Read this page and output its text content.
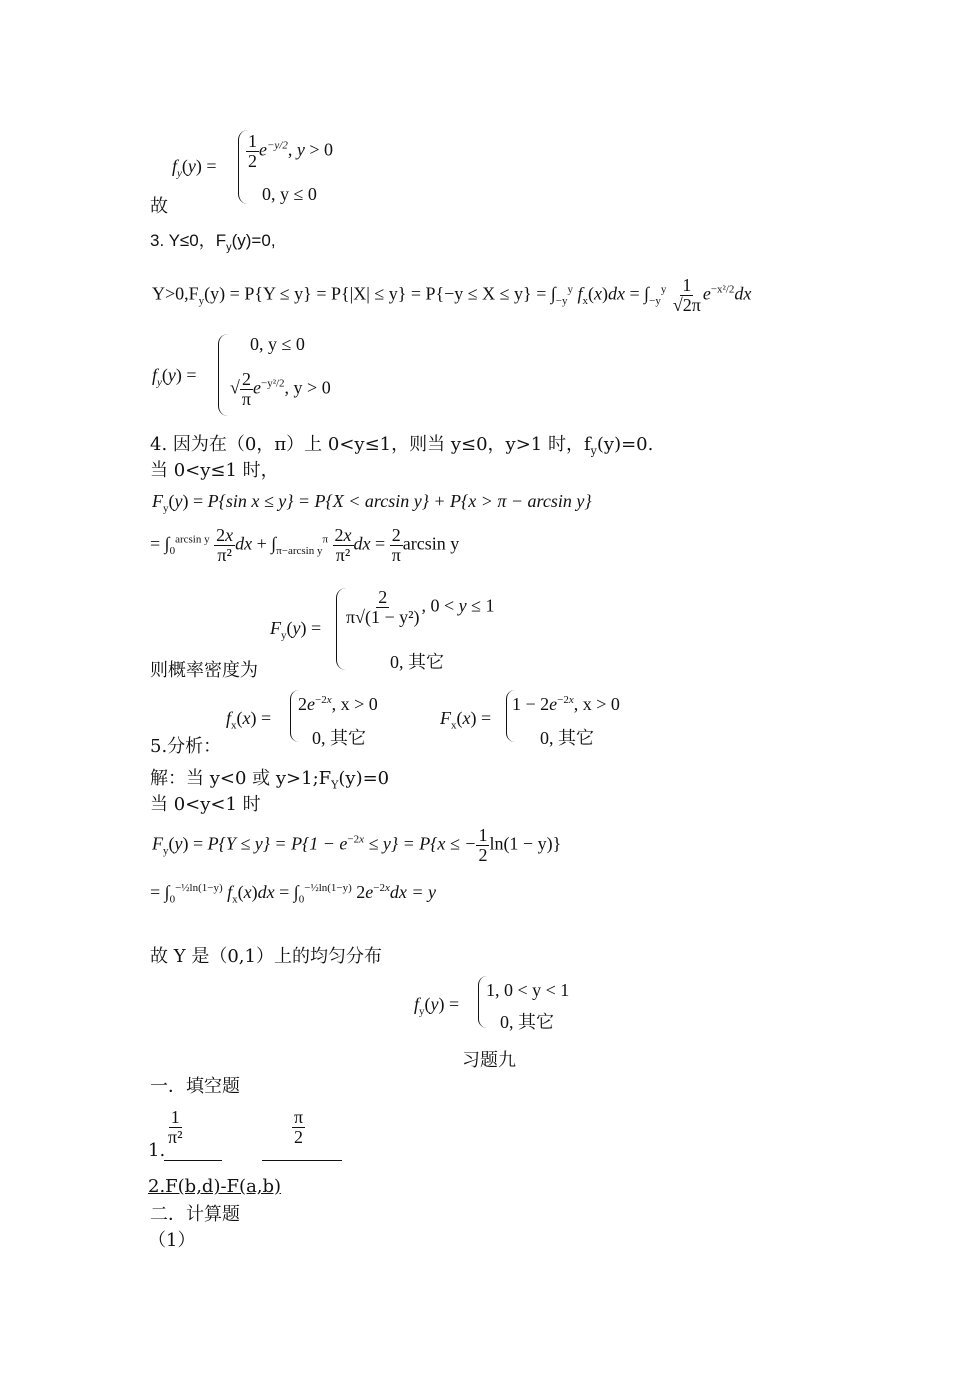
$f_y(y) = \frac{1}{2} e^{-y/2}$, y > 0
0, y ≤ 0
故
3. Y≤0，$F_y(y)=0$,
$Y>0,F_y(y) = P\{Y \le y\} = P\{|X| \le y\} = P\{-y \le X \le y\} = \int_{-y}^y$ $f_x(x)dx = \int_{-y}^y \frac{1}{√2\pi} e^{-x^2/2}dx$
$f_y(y)$ =
0, y ≤ 0
√ $\frac{2}{\pi} e^{-y^2/2}$, y > 0
4. 因为在（0，π）上 0<y≤1，则当 y≤0，y>1 时，$f_y(y)=0$.
当 0<y≤1 时，
$F_y(y) = P\{\sin$ x ≤ y} = P{X < arcsin y} + P{x > π − arcsin y}
= $\int_0^{arcsin y} \frac{2x}{\text{π²}}$ dx + $\int_{\pi-arcsin y}^\pi \frac{2x}{\text{π²}}$ dx = $\frac{2}{\pi}$ arcsin y
$F_y(y)$ =
$\frac{2}{\text{π√(1 − y²)}}$ , 0 < y ≤ 1
0, 其它
则概率密度为
$f_x(x)$ =
$2e^{-2x}$, x > 0
0, 其它
$F_x(x)$ =
$1 - 2e^{-2x}$, x > 0
0, 其它
5.分析：
解：当 y<0 或 $y>1;F_Y(y)=0$
当 0<y<1 时
$F_y(y) = P\{Y \le y\} = P\{1 - e^{-2x} \le y\} = P\{x$ ≤ − $\frac{1}{2} \ln(1 - y)$}
= $\int_0^{-\frac{1}{2}ln(1-y)}$ $f_x(x)dx = \int_0^{-\frac{1}{2}ln(1-y)}$ $2e^{-2x}dx = y$
故 Y 是（0,1）上的均匀分布
$f_y(y)$ =
1, 0 < y < 1
0, 其它
习题九
一．填空题
$\frac{1}{\text{π²}}$	$\frac{\pi}{2}$
1.
2.F(b,d)-F(a,b)
二．计算题
（1）
